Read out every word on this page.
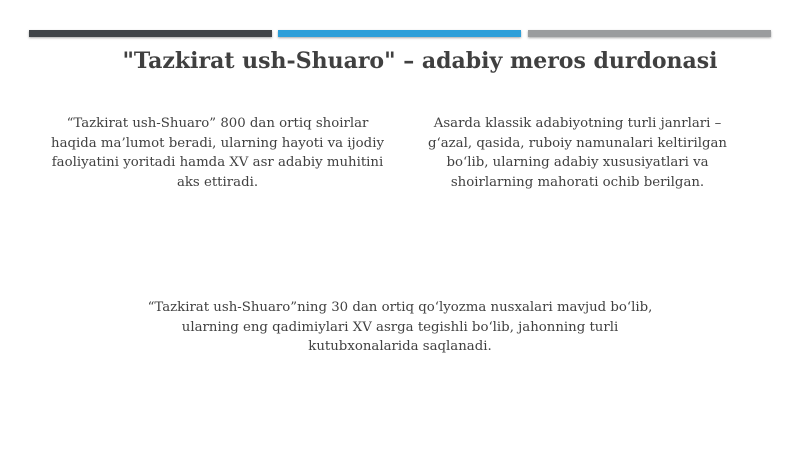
"Tazkirat ush-Shuaro" – adabiy meros durdonasi
“Tazkirat ush-Shuaro” 800 dan ortiq shoirlar haqida ma’lumot beradi, ularning hayoti va ijodiy faoliyatini yoritadi hamda XV asr adabiy muhitini aks ettiradi.
Asarda klassik adabiyotning turli janrlari – gʻazal, qasida, ruboiy namunalari keltirilgan boʻlib, ularning adabiy xususiyatlari va shoirlarning mahorati ochib berilgan.
“Tazkirat ush-Shuaro”ning 30 dan ortiq qoʻlyozma nusxalari mavjud boʻlib, ularning eng qadimiylari XV asrga tegishli boʻlib, jahonning turli kutubxonalarida saqlanadi.
